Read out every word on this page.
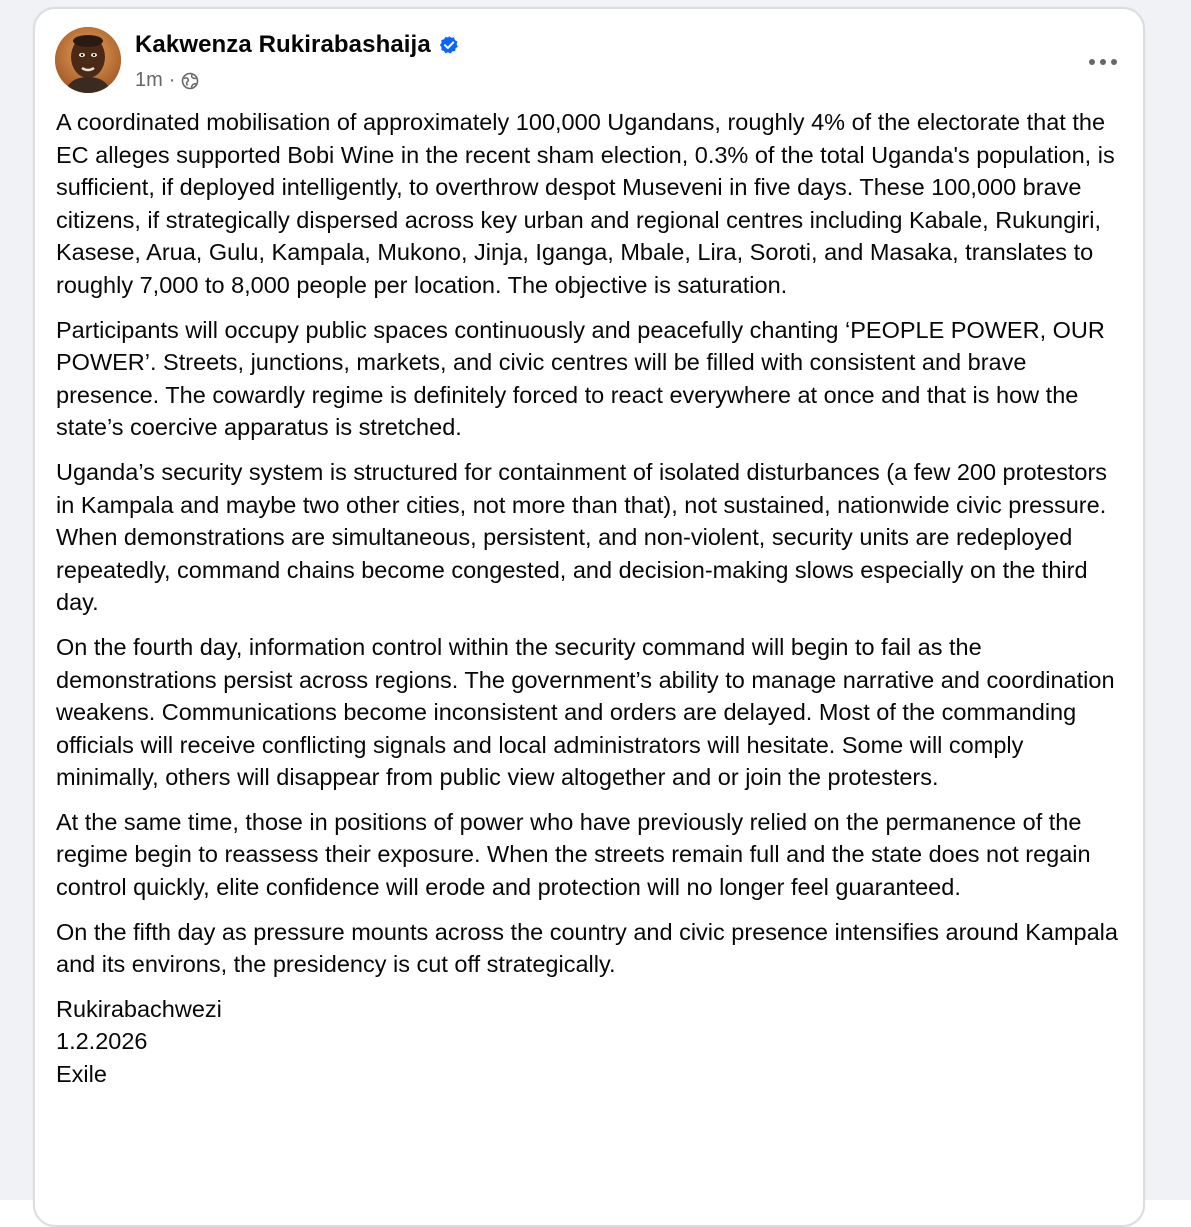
Kakwenza Rukirabashaija
1m ·

A coordinated mobilisation of approximately 100,000 Ugandans, roughly 4% of the electorate that the EC alleges supported Bobi Wine in the recent sham election, 0.3% of the total Uganda's population, is sufficient, if deployed intelligently, to overthrow despot Museveni in five days. These 100,000 brave citizens, if strategically dispersed across key urban and regional centres including Kabale, Rukungiri, Kasese, Arua, Gulu, Kampala, Mukono, Jinja, Iganga, Mbale, Lira, Soroti, and Masaka, translates to roughly 7,000 to 8,000 people per location. The objective is saturation.

Participants will occupy public spaces continuously and peacefully chanting ‘PEOPLE POWER, OUR POWER’. Streets, junctions, markets, and civic centres will be filled with consistent and brave presence. The cowardly regime is definitely forced to react everywhere at once and that is how the state’s coercive apparatus is stretched.

Uganda’s security system is structured for containment of isolated disturbances (a few 200 protestors in Kampala and maybe two other cities, not more than that), not sustained, nationwide civic pressure. When demonstrations are simultaneous, persistent, and non-violent, security units are redeployed repeatedly, command chains become congested, and decision-making slows especially on the third day.

On the fourth day, information control within the security command will begin to fail as the demonstrations persist across regions. The government’s ability to manage narrative and coordination weakens. Communications become inconsistent and orders are delayed. Most of the commanding officials will receive conflicting signals and local administrators will hesitate. Some will comply minimally, others will disappear from public view altogether and or join the protesters.

At the same time, those in positions of power who have previously relied on the permanence of the regime begin to reassess their exposure. When the streets remain full and the state does not regain control quickly, elite confidence will erode and protection will no longer feel guaranteed.

On the fifth day as pressure mounts across the country and civic presence intensifies around Kampala and its environs, the presidency is cut off strategically.

Rukirabachwezi
1.2.2026
Exile
